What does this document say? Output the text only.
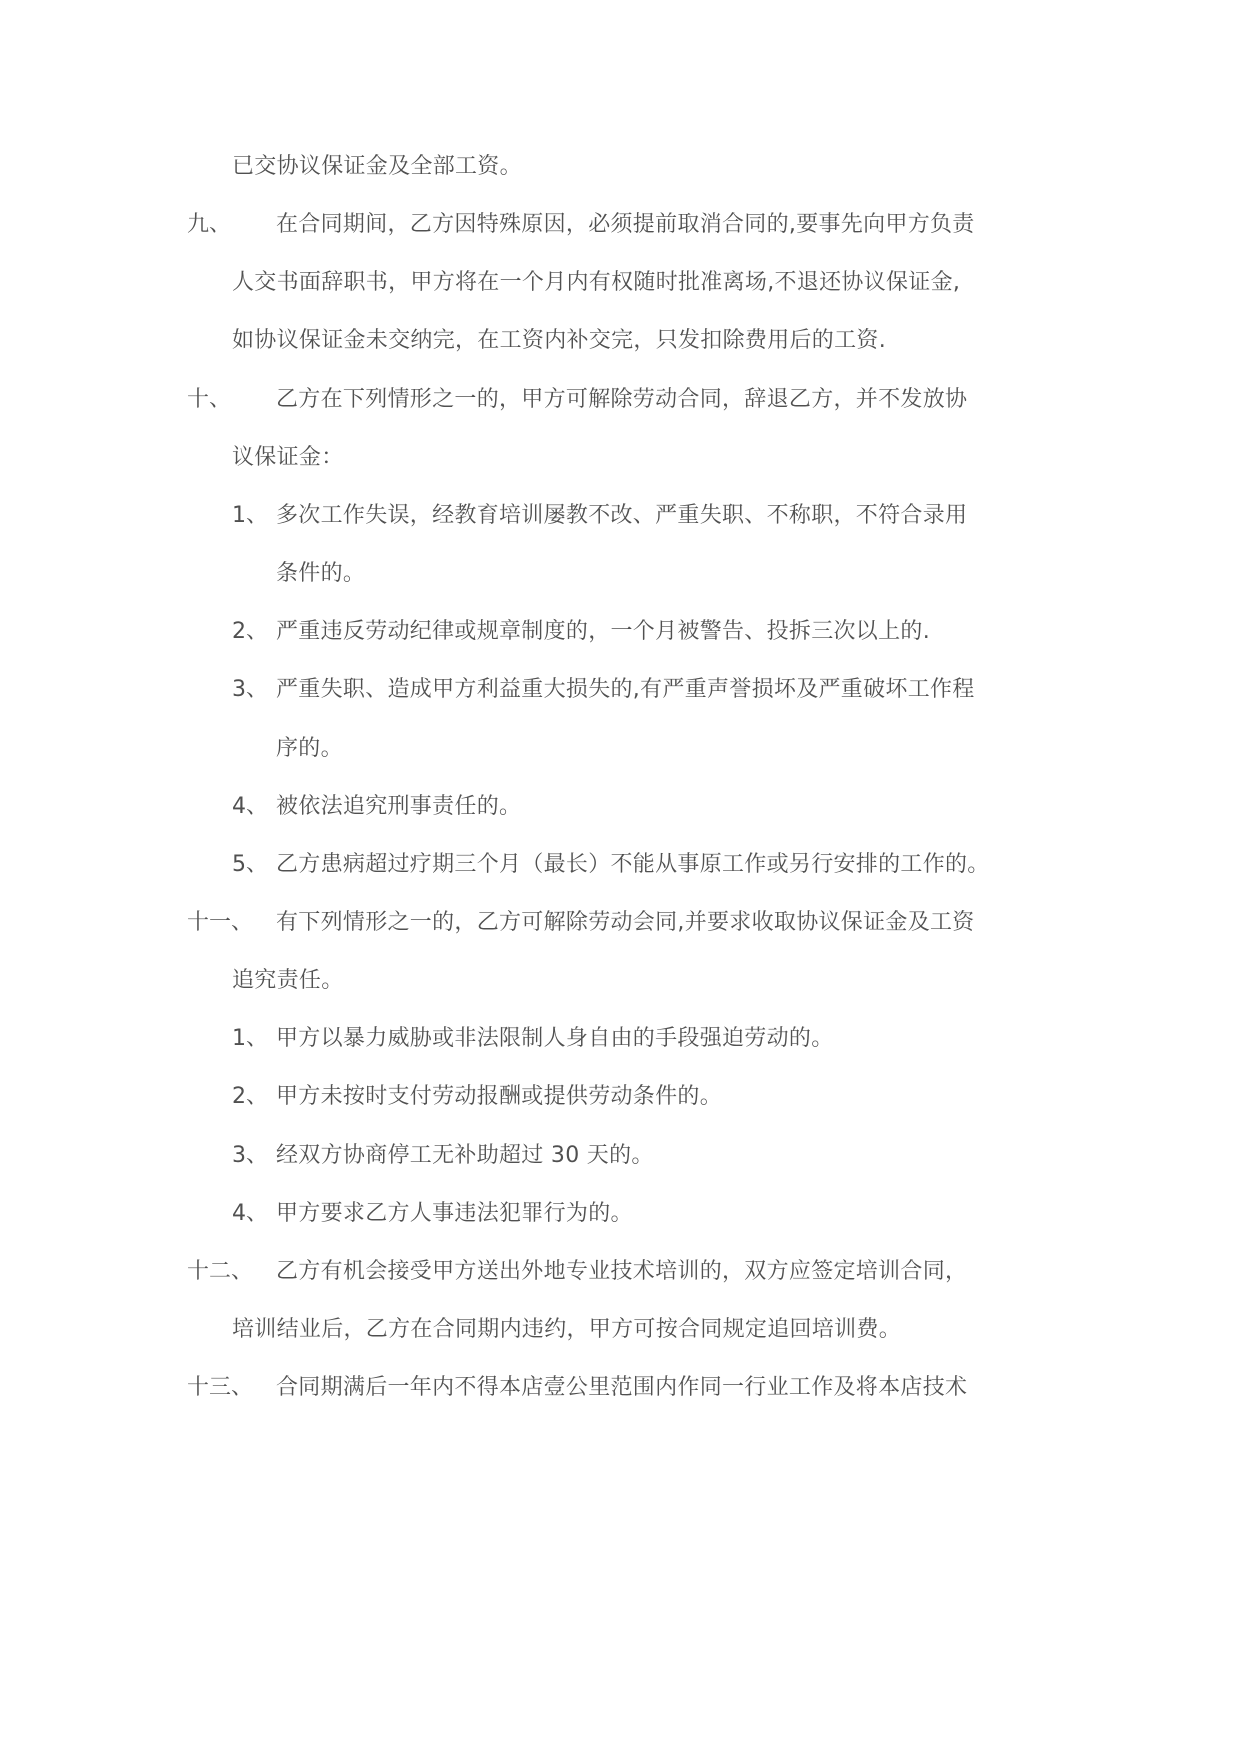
已交协议保证金及全部工资。
九、 在合同期间，乙方因特殊原因，必须提前取消合同的,要事先向甲方负责
人交书面辞职书，甲方将在一个月内有权随时批准离场,不退还协议保证金,
如协议保证金未交纳完，在工资内补交完，只发扣除费用后的工资.
十、 乙方在下列情形之一的，甲方可解除劳动合同，辞退乙方，并不发放协
议保证金：
1、 多次工作失误，经教育培训屡教不改、严重失职、不称职，不符合录用
条件的。
2、 严重违反劳动纪律或规章制度的，一个月被警告、投拆三次以上的.
3、 严重失职、造成甲方利益重大损失的,有严重声誉损坏及严重破坏工作程
序的。
4、 被依法追究刑事责任的。
5、 乙方患病超过疗期三个月（最长）不能从事原工作或另行安排的工作的。
十一、 有下列情形之一的，乙方可解除劳动会同,并要求收取协议保证金及工资
追究责任。
1、 甲方以暴力威胁或非法限制人身自由的手段强迫劳动的。
2、 甲方未按时支付劳动报酬或提供劳动条件的。
3、 经双方协商停工无补助超过 30 天的。
4、 甲方要求乙方人事违法犯罪行为的。
十二、 乙方有机会接受甲方送出外地专业技术培训的，双方应签定培训合同，
培训结业后，乙方在合同期内违约，甲方可按合同规定追回培训费。
十三、 合同期满后一年内不得本店壹公里范围内作同一行业工作及将本店技术
